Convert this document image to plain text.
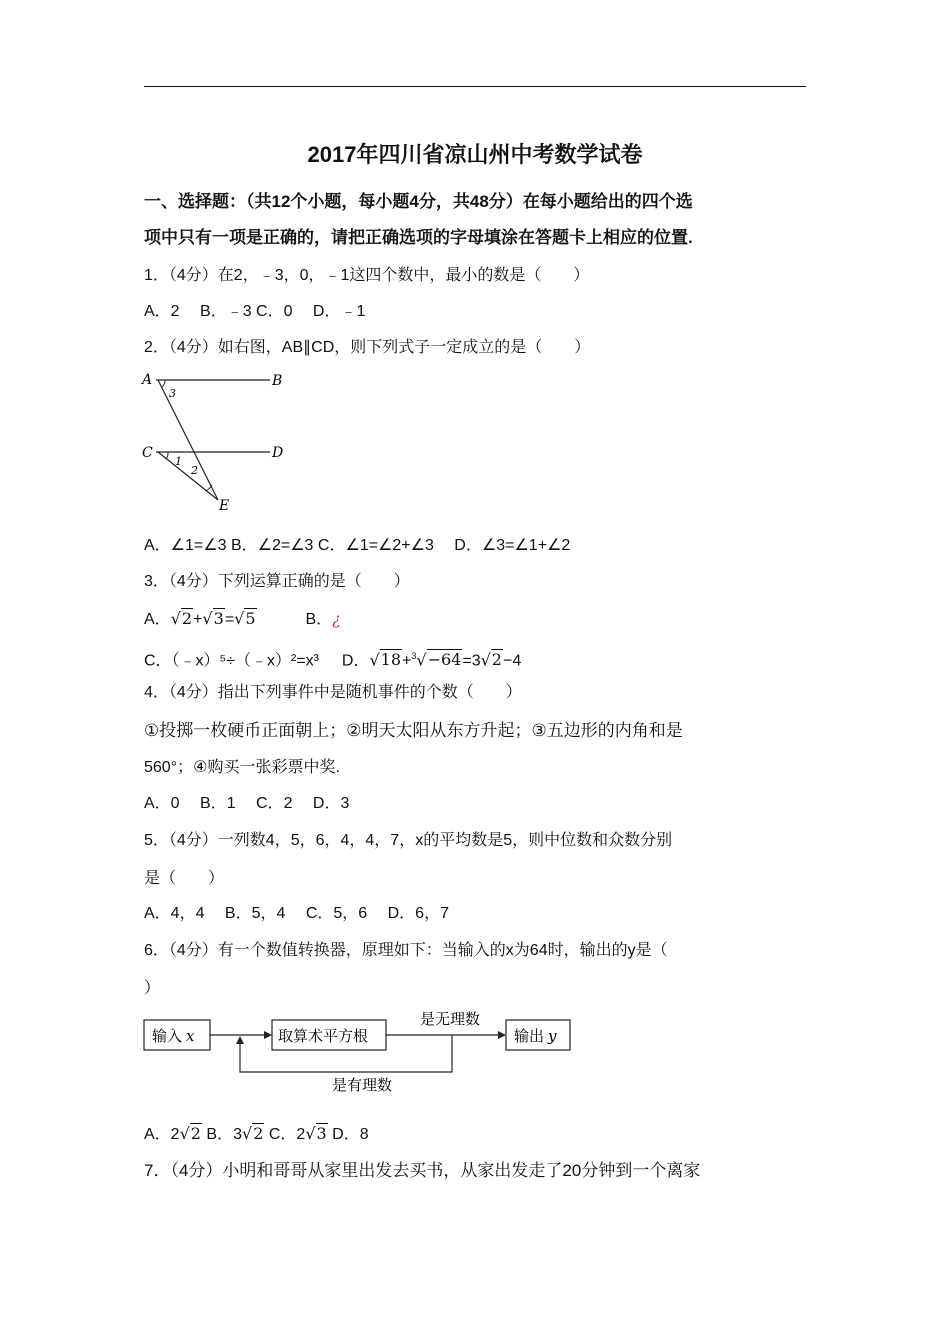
2017年四川省凉山州中考数学试卷
一、选择题：（共12个小题，每小题4分，共48分）在每小题给出的四个选
项中只有一项是正确的，请把正确选项的字母填涂在答题卡上相应的位置.
1．（4分）在2，﹣3，0，﹣1这四个数中，最小的数是（　　）
A．2　 B．﹣3 C．0　 D．﹣1
2．（4分）如右图，AB∥CD，则下列式子一定成立的是（　　）
A	B
C	D
E
3
1
2
A．∠1=∠3 B．∠2=∠3 C．∠1=∠2+∠3　 D．∠3=∠1+∠2
3．（4分）下列运算正确的是（　　）
A．√2+√3=√5	B．¿
C．（﹣x）⁵÷（﹣x）²=x³ D．√18+$^3$√−64=3√2−4
4．（4分）指出下列事件中是随机事件的个数（　　）
①投掷一枚硬币正面朝上；②明天太阳从东方升起；③五边形的内角和是
560°；④购买一张彩票中奖.
A．0　 B．1　 C．2　 D．3
5．（4分）一列数4，5，6，4，4，7，x的平均数是5，则中位数和众数分别
是（　　）
A．4，4　 B．5，4　 C．5，6　 D．6，7
6．（4分）有一个数值转换器，原理如下：当输入的x为64时，输出的y是（
）
输入 x	取算术平方根
是无理数
输出 y
是有理数
A．2√2 B．3√2 C．2√3 D．8
7．（4分）小明和哥哥从家里出发去买书，从家出发走了20分钟到一个离家
